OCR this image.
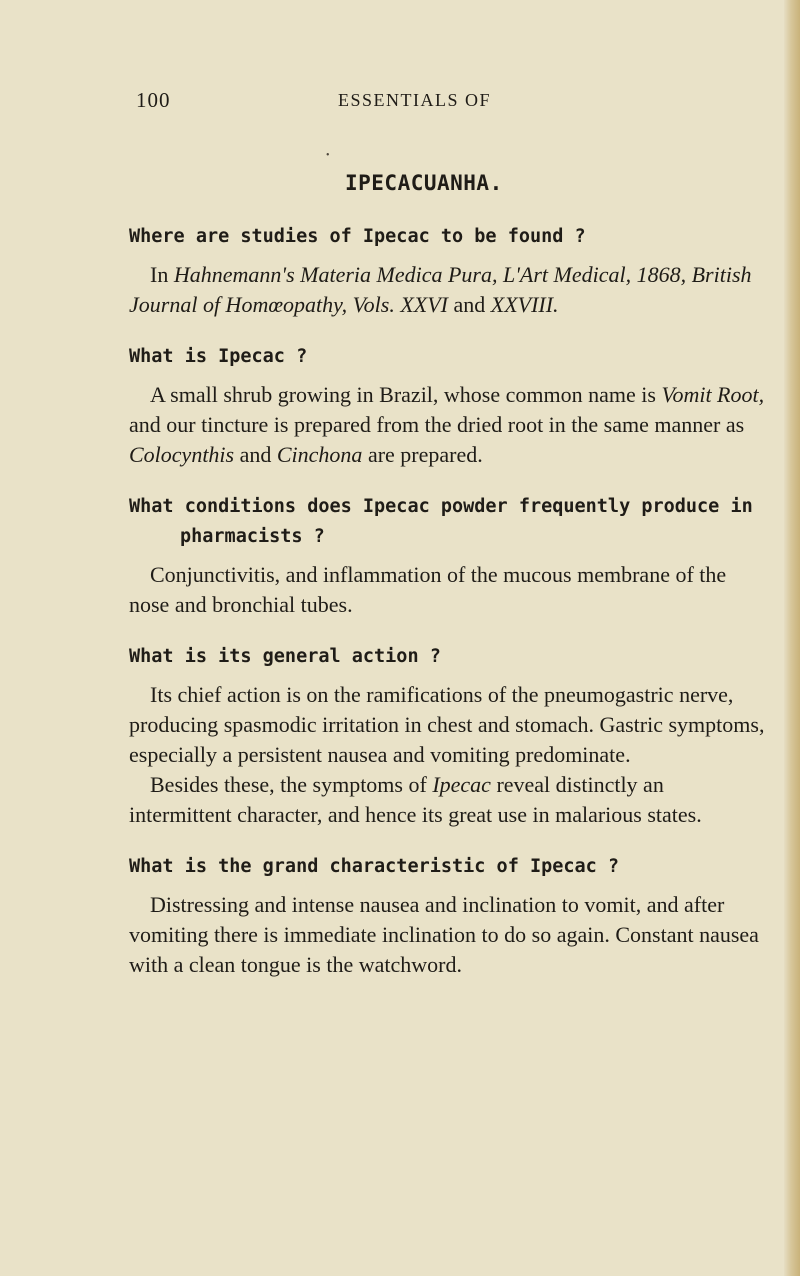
100	ESSENTIALS OF
•
IPECACUANHA.

Where are studies of Ipecac to be found ?

In Hahnemann's Materia Medica Pura, L'Art Medical, 1868, British Journal of Homœopathy, Vols. XXVI and XXVIII.

What is Ipecac ?

A small shrub growing in Brazil, whose common name is Vomit Root, and our tincture is prepared from the dried root in the same manner as Colocynthis and Cinchona are prepared.

What conditions does Ipecac powder frequently produce in pharmacists ?

Conjunctivitis, and inflammation of the mucous membrane of the nose and bronchial tubes.

What is its general action ?

Its chief action is on the ramifications of the pneumogastric nerve, producing spasmodic irritation in chest and stomach. Gastric symptoms, especially a persistent nausea and vomiting predominate.

Besides these, the symptoms of Ipecac reveal distinctly an intermittent character, and hence its great use in malarious states.

What is the grand characteristic of Ipecac ?

Distressing and intense nausea and inclination to vomit, and after vomiting there is immediate inclination to do so again. Constant nausea with a clean tongue is the watchword.
